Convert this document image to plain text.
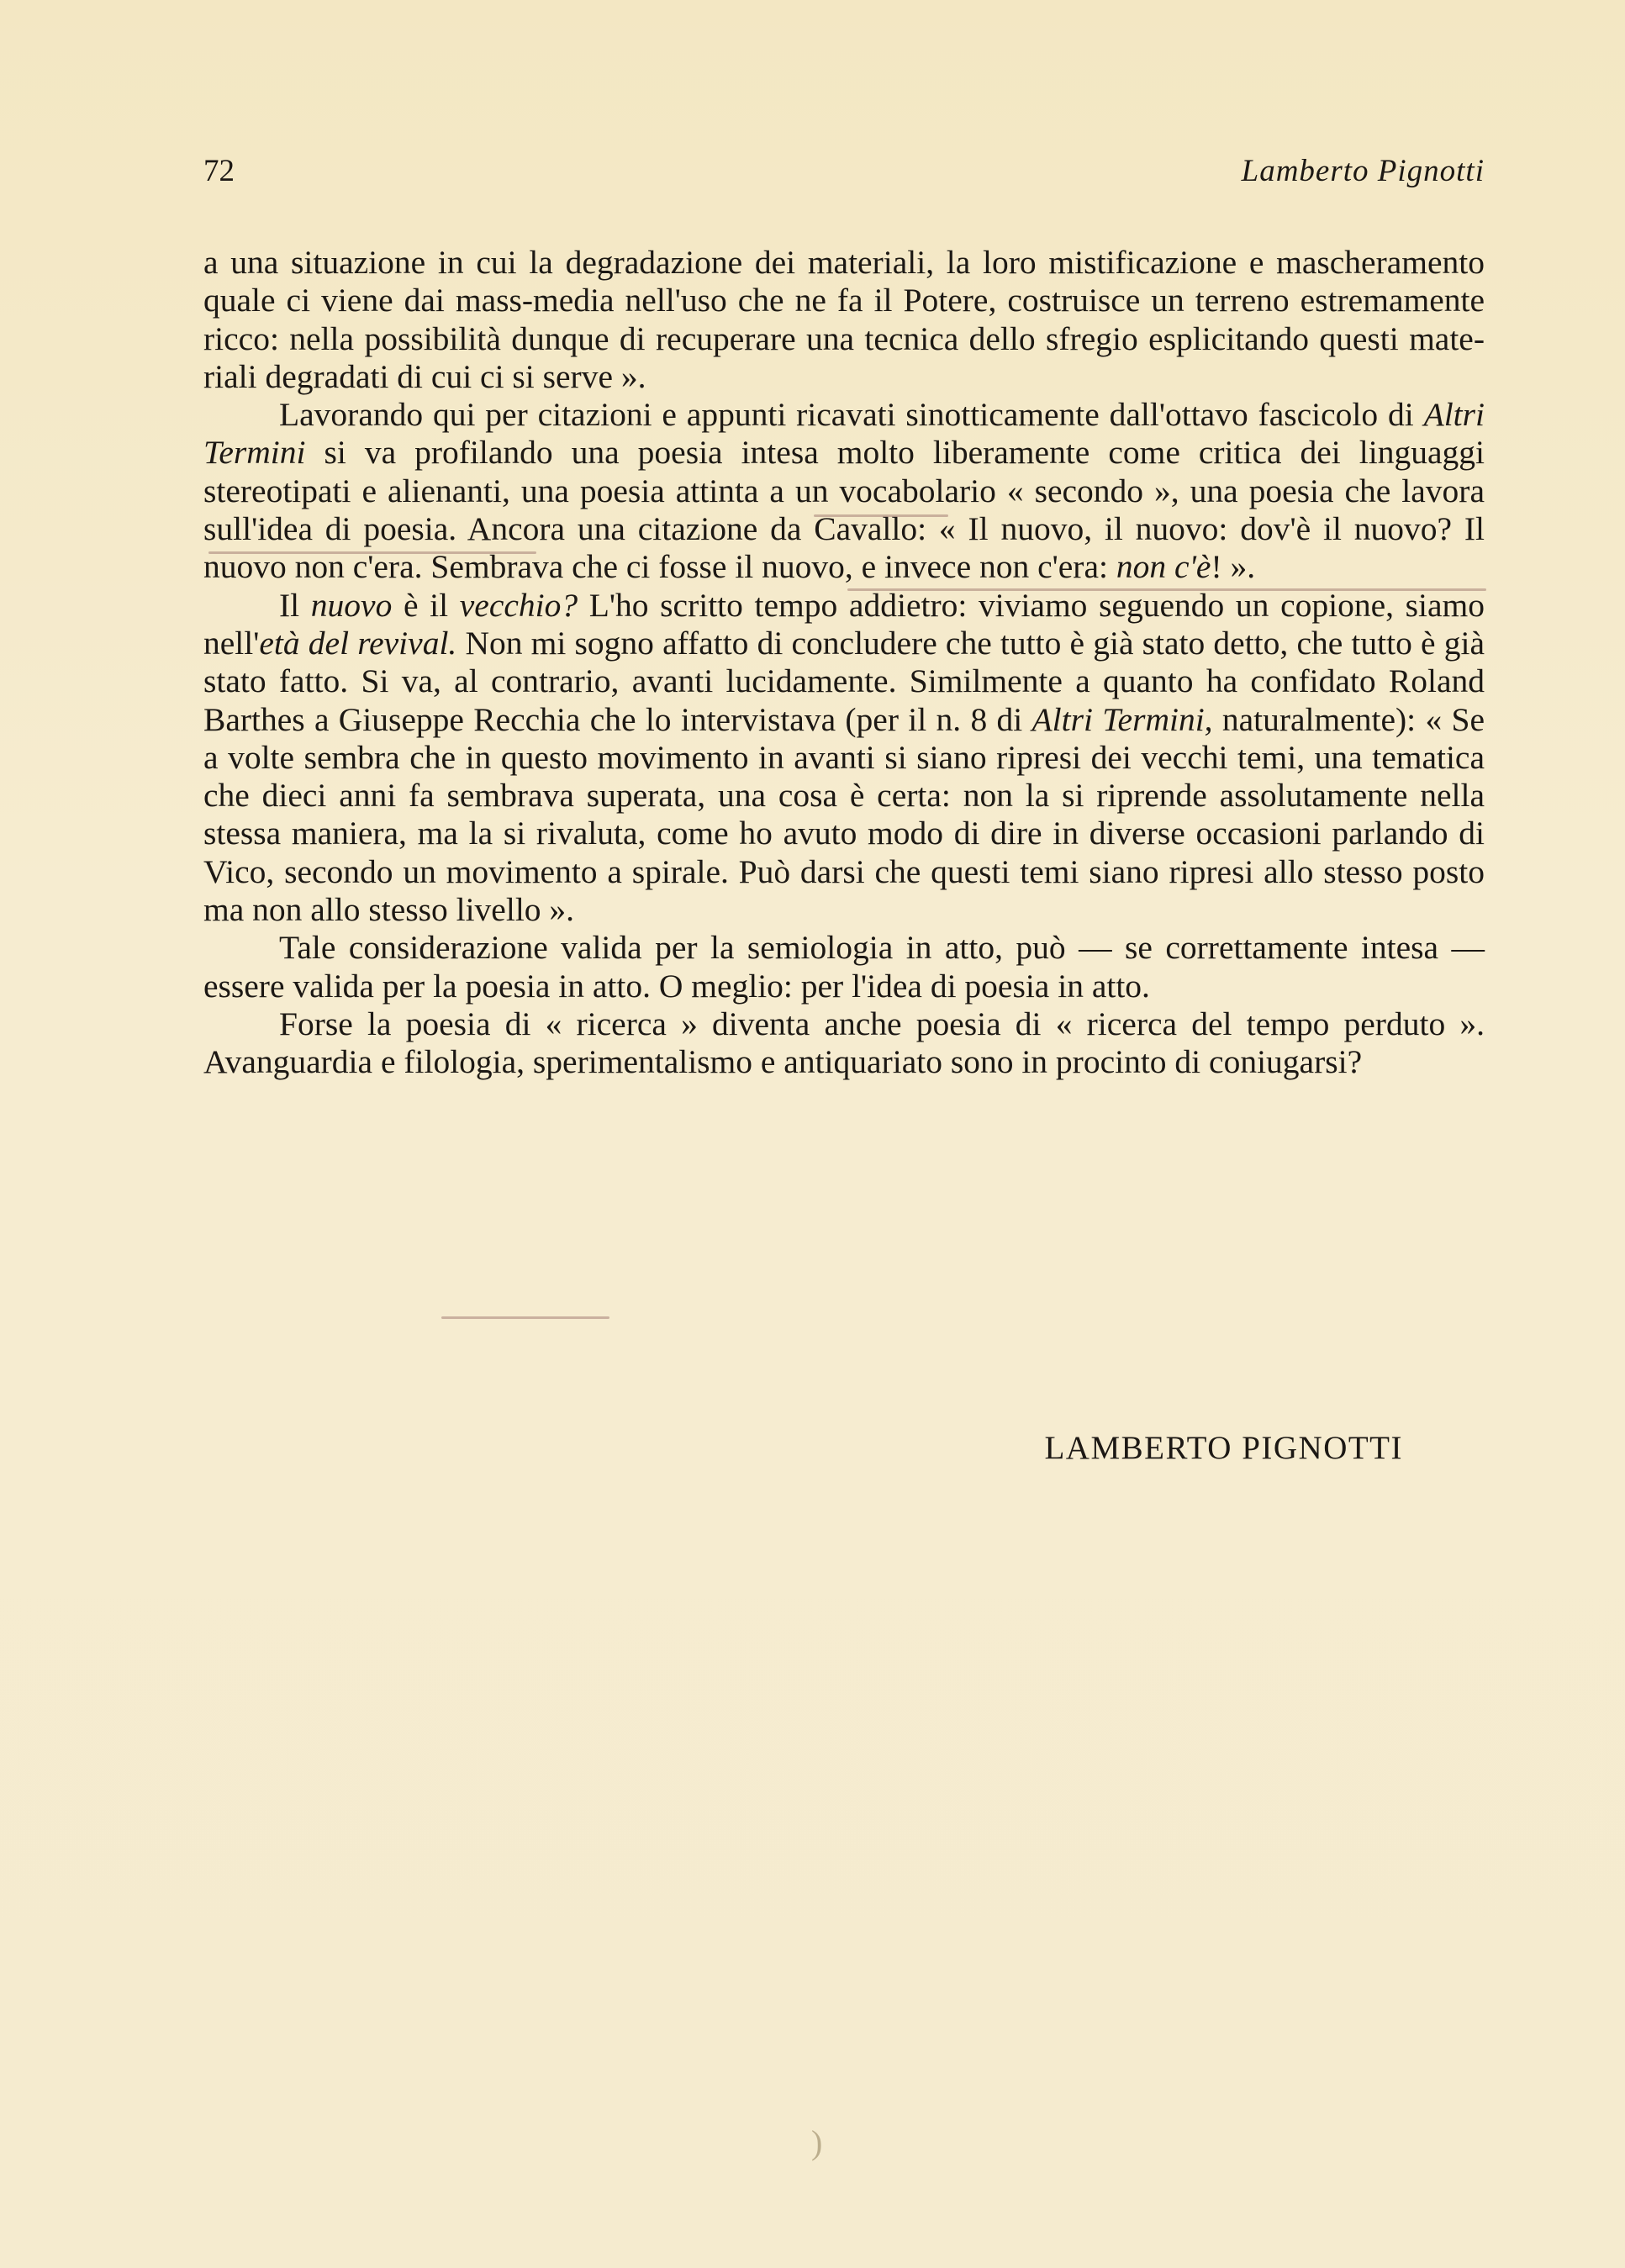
72	Lamberto Pignotti

a una situazione in cui la degradazione dei materiali, la loro mistificazione e mascheramento quale ci viene dai mass-media nell'uso che ne fa il Potere, costruisce un terreno estremamente ricco: nella possibilità dunque di recuperare una tecnica dello sfregio esplicitando questi materiali degradati di cui ci si serve ».

Lavorando qui per citazioni e appunti ricavati sinotticamente dall'ottavo fascicolo di Altri Termini si va profilando una poesia intesa molto liberamente come critica dei linguaggi stereotipati e alienanti, una poesia attinta a un vocabolario « secondo », una poesia che lavora sull'idea di poesia. Ancora una citazione da Cavallo: « Il nuovo, il nuovo: dov'è il nuovo? Il nuovo non c'era. Sembrava che ci fosse il nuovo, e invece non c'era: non c'è! ».

Il nuovo è il vecchio? L'ho scritto tempo addietro: viviamo seguendo un copione, siamo nell'età del revival. Non mi sogno affatto di concludere che tutto è già stato detto, che tutto è già stato fatto. Si va, al contrario, avanti lucidamente. Similmente a quanto ha confidato Roland Barthes a Giuseppe Recchia che lo intervistava (per il n. 8 di Altri Termini, naturalmente): « Se a volte sembra che in questo movimento in avanti si siano ripresi dei vecchi temi, una tematica che dieci anni fa sembrava superata, una cosa è certa: non la si riprende assolutamente nella stessa maniera, ma la si rivaluta, come ho avuto modo di dire in diverse occasioni parlando di Vico, secondo un movimento a spirale. Può darsi che questi temi siano ripresi allo stesso posto ma non allo stesso livello ».

Tale considerazione valida per la semiologia in atto, può — se correttamente intesa — essere valida per la poesia in atto. O meglio: per l'idea di poesia in atto.

Forse la poesia di « ricerca » diventa anche poesia di « ricerca del tempo perduto ». Avanguardia e filologia, sperimentalismo e antiquariato sono in procinto di coniugarsi?

LAMBERTO PIGNOTTI
)
